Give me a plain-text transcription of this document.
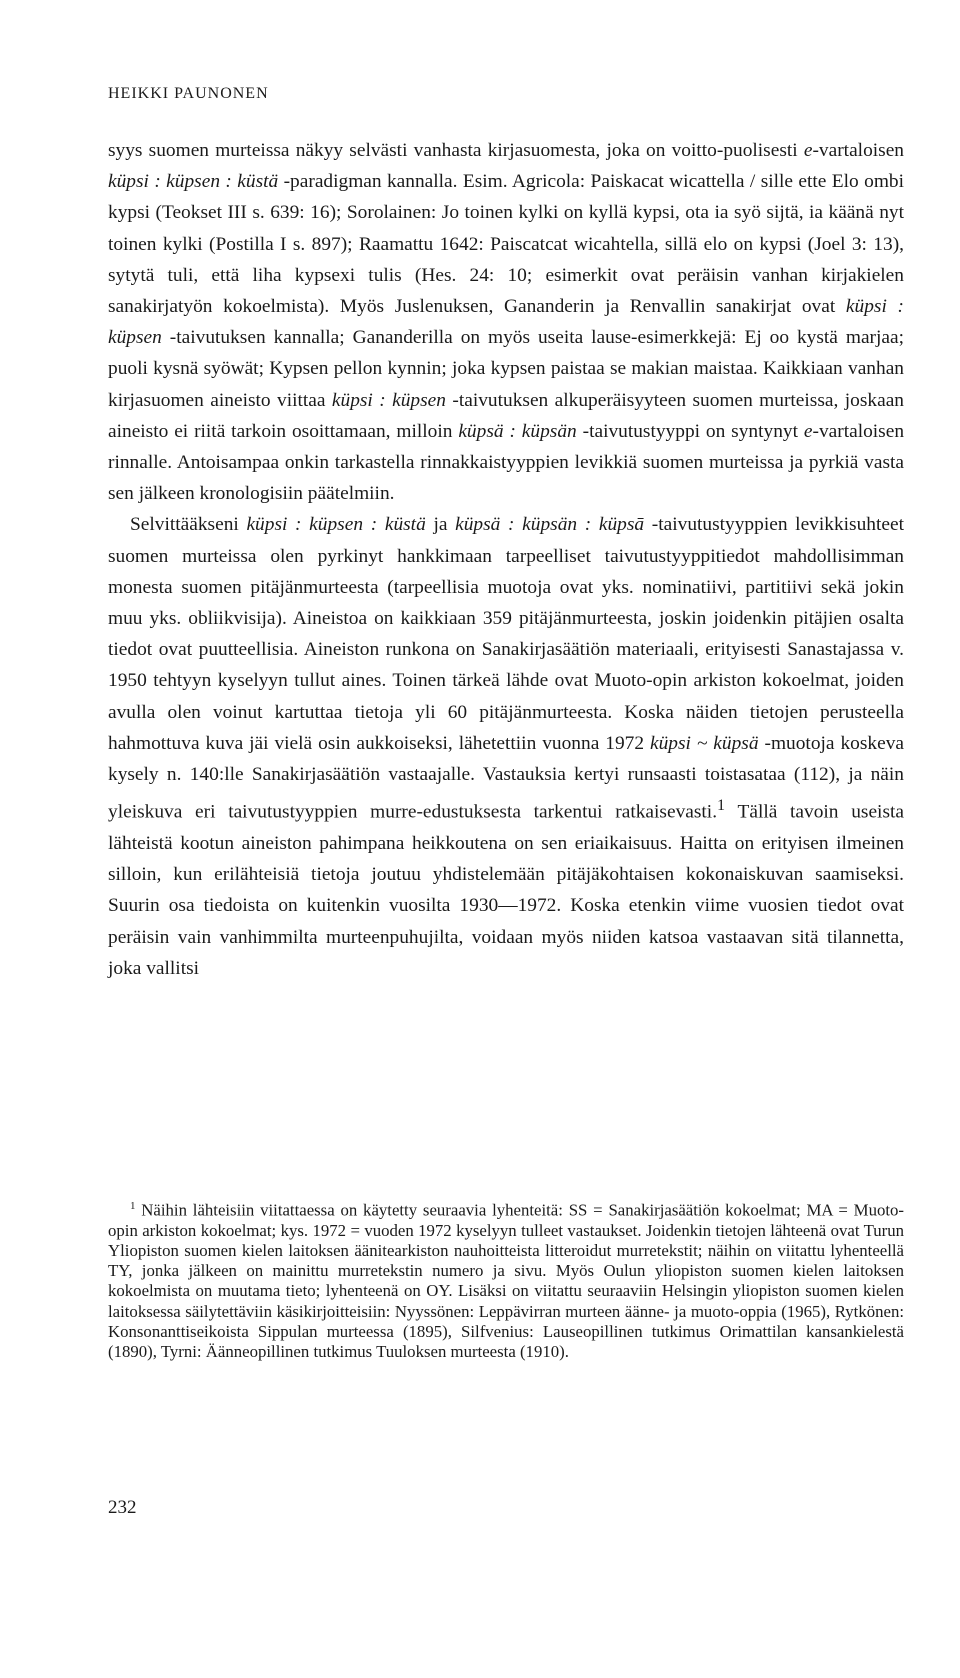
HEIKKI PAUNONEN

syys suomen murteissa näkyy selvästi vanhasta kirjasuomesta, joka on voitto-puolisesti e-vartaloisen küpsi : küpsen : küstä -paradigman kannalla. Esim. Agricola: Paiskacat wicattella / sille ette Elo ombi kypsi (Teokset III s. 639: 16); Sorolainen: Jo toinen kylki on kyllä kypsi, ota ia syö sijtä, ia käänä nyt toinen kylki (Postilla I s. 897); Raamattu 1642: Paiscatcat wicahtella, sillä elo on kypsi (Joel 3: 13), sytytä tuli, että liha kypsexi tulis (Hes. 24: 10; esimerkit ovat peräisin vanhan kirjakielen sanakirjatyön kokoelmista). Myös Juslenuksen, Gananderin ja Renvallin sanakirjat ovat küpsi : küpsen -taivutuksen kannalla; Gananderilla on myös useita lause-esimerkkejä: Ej oo kystä marjaa; puoli kysnä syöwät; Kypsen pellon kynnin; joka kypsen paistaa se makian maistaa. Kaikkiaan vanhan kirjasuomen aineisto viittaa küpsi : küpsen -taivutuksen alkuperäisyyteen suomen murteissa, joskaan aineisto ei riitä tarkoin osoittamaan, milloin küpsä : küpsän -taivutustyyppi on syntynyt e-vartaloisen rinnalle. Antoisampaa onkin tarkastella rinnakkaistyyppien levikkiä suomen murteissa ja pyrkiä vasta sen jälkeen kronologisiin päätelmiin.

Selvittääkseni küpsi : küpsen : küstä ja küpsä : küpsän : küpsā -taivutustyyppien levikkisuhteet suomen murteissa olen pyrkinyt hankkimaan tarpeelliset taivutustyyppitiedot mahdollisimman monesta suomen pitäjänmurteesta (tarpeellisia muotoja ovat yks. nominatiivi, partitiivi sekä jokin muu yks. obliikvisija). Aineistoa on kaikkiaan 359 pitäjänmurteesta, joskin joidenkin pitäjien osalta tiedot ovat puutteellisia. Aineiston runkona on Sanakirjasäätiön materiaali, erityisesti Sanastajassa v. 1950 tehtyyn kyselyyn tullut aines. Toinen tärkeä lähde ovat Muoto-opin arkiston kokoelmat, joiden avulla olen voinut kartuttaa tietoja yli 60 pitäjänmurteesta. Koska näiden tietojen perusteella hahmottuva kuva jäi vielä osin aukkoiseksi, lähetettiin vuonna 1972 küpsi ~ küpsä -muotoja koskeva kysely n. 140:lle Sanakirjasäätiön vastaajalle. Vastauksia kertyi runsaasti toistasataa (112), ja näin yleiskuva eri taivutustyyppien murre-edustuksesta tarkentui ratkaisevasti.$^1$ Tällä tavoin useista lähteistä kootun aineiston pahimpana heikkoutena on sen eriaikaisuus. Haitta on erityisen ilmeinen silloin, kun erilähteisiä tietoja joutuu yhdistelemään pitäjäkohtaisen kokonaiskuvan saamiseksi. Suurin osa tiedoista on kuitenkin vuosilta 1930—1972. Koska etenkin viime vuosien tiedot ovat peräisin vain vanhimmilta murteenpuhujilta, voidaan myös niiden katsoa vastaavan sitä tilannetta, joka vallitsi

$^1$ Näihin lähteisiin viitattaessa on käytetty seuraavia lyhenteitä: SS = Sanakirjasäätiön kokoelmat; MA = Muoto-opin arkiston kokoelmat; kys. 1972 = vuoden 1972 kyselyyn tulleet vastaukset. Joidenkin tietojen lähteenä ovat Turun Yliopiston suomen kielen laitoksen äänitearkiston nauhoitteista litteroidut murretekstit; näihin on viitattu lyhenteellä TY, jonka jälkeen on mainittu murretekstin numero ja sivu. Myös Oulun yliopiston suomen kielen laitoksen kokoelmista on muutama tieto; lyhenteenä on OY. Lisäksi on viitattu seuraaviin Helsingin yliopiston suomen kielen laitoksessa säilytettäviin käsikirjoitteisiin: Nyyssönen: Leppävirran murteen äänne- ja muoto-oppia (1965), Rytkönen: Konsonanttiseikoista Sippulan murteessa (1895), Silfvenius: Lauseopillinen tutkimus Orimattilan kansankielestä (1890), Tyrni: Äänneopillinen tutkimus Tuuloksen murteesta (1910).

232
